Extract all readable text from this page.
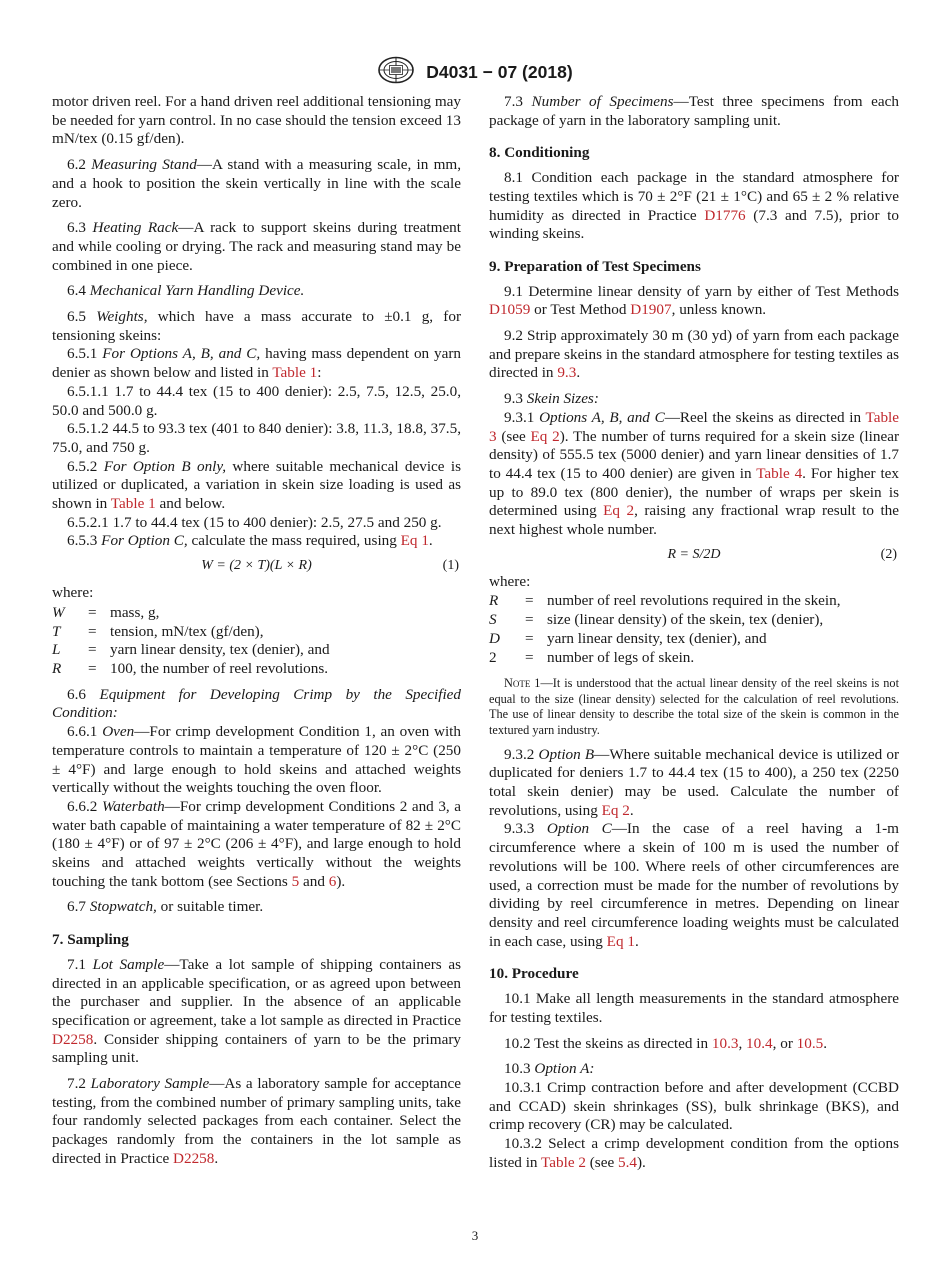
D4031 − 07 (2018)

motor driven reel. For a hand driven reel additional tensioning may be needed for yarn control. In no case should the tension exceed 13 mN/tex (0.15 gf/den).

6.2 Measuring Stand—A stand with a measuring scale, in mm, and a hook to position the skein vertically in line with the scale zero.

6.3 Heating Rack—A rack to support skeins during treatment and while cooling or drying. The rack and measuring stand may be combined in one piece.

6.4 Mechanical Yarn Handling Device.

6.5 Weights, which have a mass accurate to ±0.1 g, for tensioning skeins:

6.5.1 For Options A, B, and C, having mass dependent on yarn denier as shown below and listed in Table 1:

6.5.1.1 1.7 to 44.4 tex (15 to 400 denier): 2.5, 7.5, 12.5, 25.0, 50.0 and 500.0 g.

6.5.1.2 44.5 to 93.3 tex (401 to 840 denier): 3.8, 11.3, 18.8, 37.5, 75.0, and 750 g.

6.5.2 For Option B only, where suitable mechanical device is utilized or duplicated, a variation in skein size loading is used as shown in Table 1 and below.

6.5.2.1 1.7 to 44.4 tex (15 to 400 denier): 2.5, 27.5 and 250 g.

6.5.3 For Option C, calculate the mass required, using Eq 1.

W = (2 × T)(L × R)	(1)

where:

W	= mass, g,
T	= tension, mN/tex (gf/den),
L	= yarn linear density, tex (denier), and
R	= 100, the number of reel revolutions.

6.6 Equipment for Developing Crimp by the Specified Condition:

6.6.1 Oven—For crimp development Condition 1, an oven with temperature controls to maintain a temperature of 120 ± 2°C (250 ± 4°F) and large enough to hold skeins and attached weights vertically without the weights touching the oven floor.

6.6.2 Waterbath—For crimp development Conditions 2 and 3, a water bath capable of maintaining a water temperature of 82 ± 2°C (180 ± 4°F) or of 97 ± 2°C (206 ± 4°F), and large enough to hold skeins and attached weights vertically without the weights touching the tank bottom (see Sections 5 and 6).

6.7 Stopwatch, or suitable timer.

7. Sampling

7.1 Lot Sample—Take a lot sample of shipping containers as directed in an applicable specification, or as agreed upon between the purchaser and supplier. In the absence of an applicable specification or agreement, take a lot sample as directed in Practice D2258. Consider shipping containers of yarn to be the primary sampling unit.

7.2 Laboratory Sample—As a laboratory sample for acceptance testing, from the combined number of primary sampling units, take four randomly selected packages from each container. Select the packages randomly from the containers in the lot sample as directed in Practice D2258.

7.3 Number of Specimens—Test three specimens from each package of yarn in the laboratory sampling unit.

8. Conditioning

8.1 Condition each package in the standard atmosphere for testing textiles which is 70 ± 2°F (21 ± 1°C) and 65 ± 2 % relative humidity as directed in Practice D1776 (7.3 and 7.5), prior to winding skeins.

9. Preparation of Test Specimens

9.1 Determine linear density of yarn by either of Test Methods D1059 or Test Method D1907, unless known.

9.2 Strip approximately 30 m (30 yd) of yarn from each package and prepare skeins in the standard atmosphere for testing textiles as directed in 9.3.

9.3 Skein Sizes:

9.3.1 Options A, B, and C—Reel the skeins as directed in Table 3 (see Eq 2). The number of turns required for a skein size (linear density) of 555.5 tex (5000 denier) and yarn linear densities of 1.7 to 44.4 tex (15 to 400 denier) are given in Table 4. For higher tex up to 89.0 tex (800 denier), the number of wraps per skein is determined using Eq 2, raising any fractional wrap result to the next highest whole number.

R = S/2D	(2)

where:

R	= number of reel revolutions required in the skein,
S	= size (linear density) of the skein, tex (denier),
D	= yarn linear density, tex (denier), and
2	= number of legs of skein.

Note 1—It is understood that the actual linear density of the reel skeins is not equal to the size (linear density) selected for the calculation of reel revolutions. The use of linear density to describe the total size of the skein is common in the textured yarn industry.

9.3.2 Option B—Where suitable mechanical device is utilized or duplicated for deniers 1.7 to 44.4 tex (15 to 400), a 250 tex (2250 total skein denier) may be used. Calculate the number of revolutions, using Eq 2.

9.3.3 Option C—In the case of a reel having a 1-m circumference where a skein of 100 m is used the number of revolutions will be 100. Where reels of other circumferences are used, a correction must be made for the number of revolutions by dividing by reel circumference in metres. Depending on linear density and reel circumference loading weights must be calculated in each case, using Eq 1.

10. Procedure

10.1 Make all length measurements in the standard atmosphere for testing textiles.

10.2 Test the skeins as directed in 10.3, 10.4, or 10.5.

10.3 Option A:

10.3.1 Crimp contraction before and after development (CCBD and CCAD) skein shrinkages (SS), bulk shrinkage (BKS), and crimp recovery (CR) may be calculated.

10.3.2 Select a crimp development condition from the options listed in Table 2 (see 5.4).

3
